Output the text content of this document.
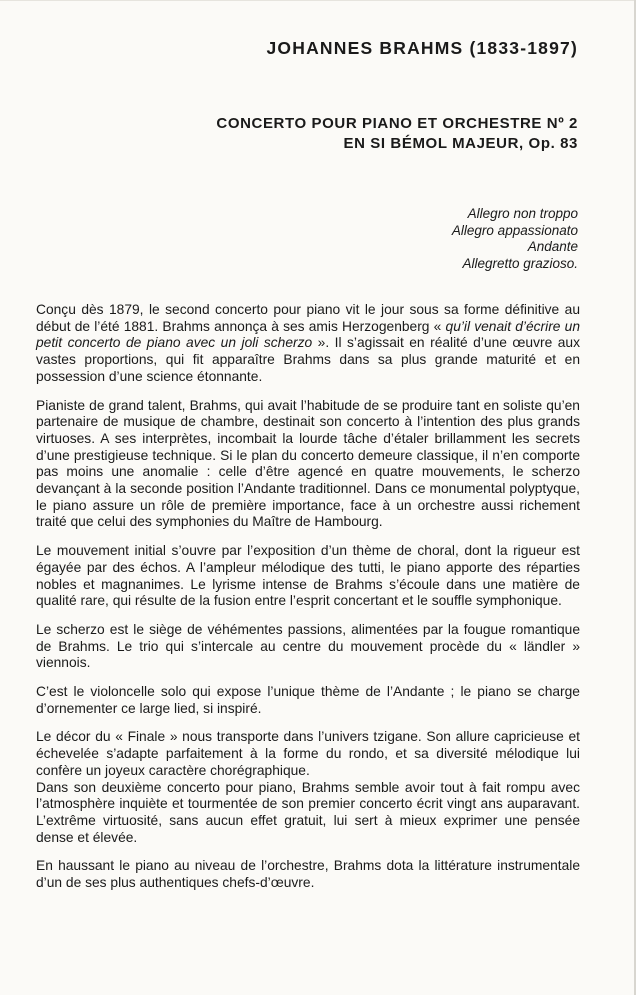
JOHANNES BRAHMS (1833-1897)
CONCERTO POUR PIANO ET ORCHESTRE Nº 2
EN SI BÉMOL MAJEUR, Op. 83
Allegro non troppo
Allegro appassionato
Andante
Allegretto grazioso.

Conçu dès 1879, le second concerto pour piano vit le jour sous sa forme définitive au début de l’été 1881. Brahms annonça à ses amis Herzogenberg « qu’il venait d’écrire un petit concerto de piano avec un joli scherzo ». Il s’agissait en réalité d’une œuvre aux vastes proportions, qui fit apparaître Brahms dans sa plus grande maturité et en possession d’une science étonnante.

Pianiste de grand talent, Brahms, qui avait l’habitude de se produire tant en soliste qu’en partenaire de musique de chambre, destinait son concerto à l’intention des plus grands virtuoses. A ses interprètes, incombait la lourde tâche d’étaler brillamment les secrets d’une prestigieuse technique. Si le plan du concerto demeure classique, il n’en comporte pas moins une anomalie : celle d’être agencé en quatre mouvements, le scherzo devançant à la seconde position l’Andante traditionnel. Dans ce monumental polyptyque, le piano assure un rôle de première importance, face à un orchestre aussi richement traité que celui des symphonies du Maître de Hambourg.

Le mouvement initial s’ouvre par l’exposition d’un thème de choral, dont la rigueur est égayée par des échos. A l’ampleur mélodique des tutti, le piano apporte des réparties nobles et magnanimes. Le lyrisme intense de Brahms s’écoule dans une matière de qualité rare, qui résulte de la fusion entre l’esprit concertant et le souffle symphonique.

Le scherzo est le siège de véhémentes passions, alimentées par la fougue romantique de Brahms. Le trio qui s’intercale au centre du mouvement procède du « ländler » viennois.

C’est le violoncelle solo qui expose l’unique thème de l’Andante ; le piano se charge d’ornementer ce large lied, si inspiré.

Le décor du « Finale » nous transporte dans l’univers tzigane. Son allure capricieuse et échevelée s’adapte parfaitement à la forme du rondo, et sa diversité mélodique lui confère un joyeux caractère chorégraphique.

Dans son deuxième concerto pour piano, Brahms semble avoir tout à fait rompu avec l’atmosphère inquiète et tourmentée de son premier concerto écrit vingt ans auparavant. L’extrême virtuosité, sans aucun effet gratuit, lui sert à mieux exprimer une pensée dense et élevée.

En haussant le piano au niveau de l’orchestre, Brahms dota la littérature instrumentale d’un de ses plus authentiques chefs-d’œuvre.
